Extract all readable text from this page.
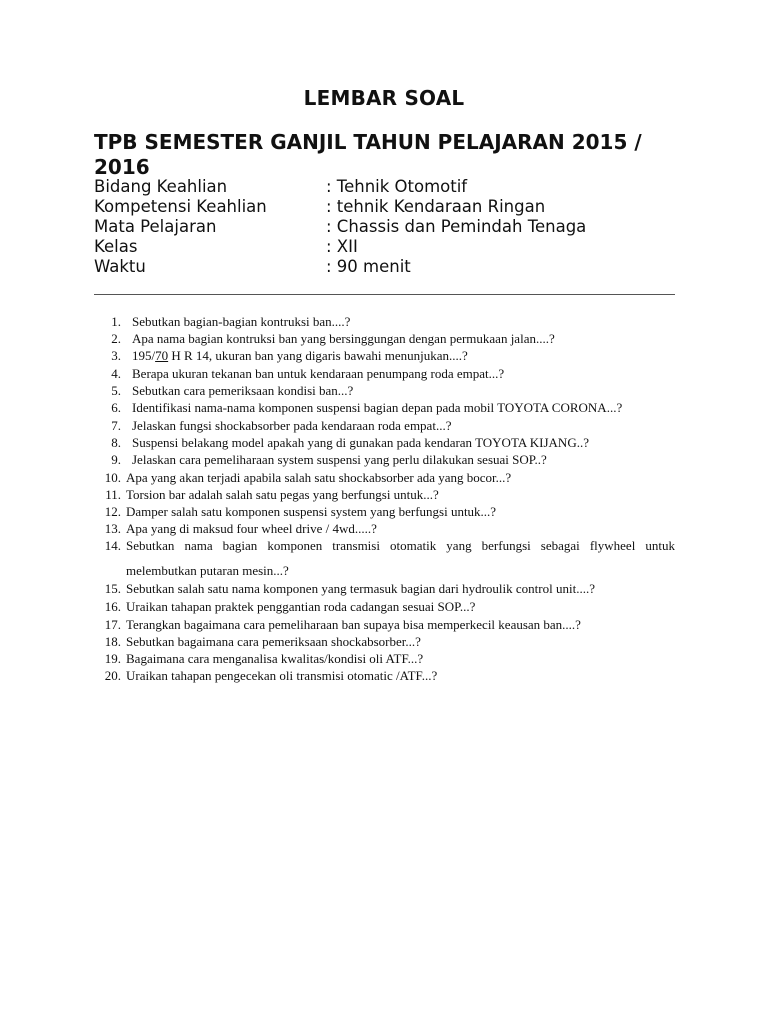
LEMBAR SOAL
TPB SEMESTER GANJIL TAHUN PELAJARAN 2015 / 2016
Bidang Keahlian	: Tehnik Otomotif
Kompetensi Keahlian	: tehnik Kendaraan Ringan
Mata Pelajaran	: Chassis dan Pemindah Tenaga
Kelas	: XII
Waktu	: 90 menit
1. Sebutkan bagian-bagian kontruksi ban....?
2. Apa nama bagian kontruksi ban yang bersinggungan dengan permukaan jalan....?
3. 195/70 H R 14, ukuran ban yang digaris bawahi menunjukan....?
4. Berapa ukuran tekanan ban untuk kendaraan penumpang roda empat...?
5. Sebutkan cara pemeriksaan kondisi ban...?
6. Identifikasi nama-nama komponen suspensi bagian depan pada mobil TOYOTA CORONA...?
7. Jelaskan fungsi shockabsorber pada kendaraan roda empat...?
8. Suspensi belakang model apakah yang di gunakan pada kendaran TOYOTA KIJANG..?
9. Jelaskan cara pemeliharaan system suspensi yang perlu dilakukan sesuai SOP..?
10. Apa yang akan terjadi apabila salah satu shockabsorber ada yang bocor...?
11. Torsion bar adalah salah satu pegas yang berfungsi untuk...?
12. Damper salah satu komponen suspensi system yang berfungsi untuk...?
13. Apa yang di maksud four wheel drive / 4wd.....?
14. Sebutkan nama bagian komponen transmisi otomatik yang berfungsi sebagai flywheel untuk melembutkan putaran mesin...?
15. Sebutkan salah satu nama komponen yang termasuk bagian dari hydroulik control unit....?
16. Uraikan tahapan praktek penggantian roda cadangan sesuai SOP...?
17. Terangkan bagaimana cara pemeliharaan ban supaya bisa memperkecil keausan ban....?
18. Sebutkan bagaimana cara pemeriksaan shockabsorber...?
19. Bagaimana cara menganalisa kwalitas/kondisi oli ATF...?
20. Uraikan tahapan pengecekan oli transmisi otomatic /ATF...?
